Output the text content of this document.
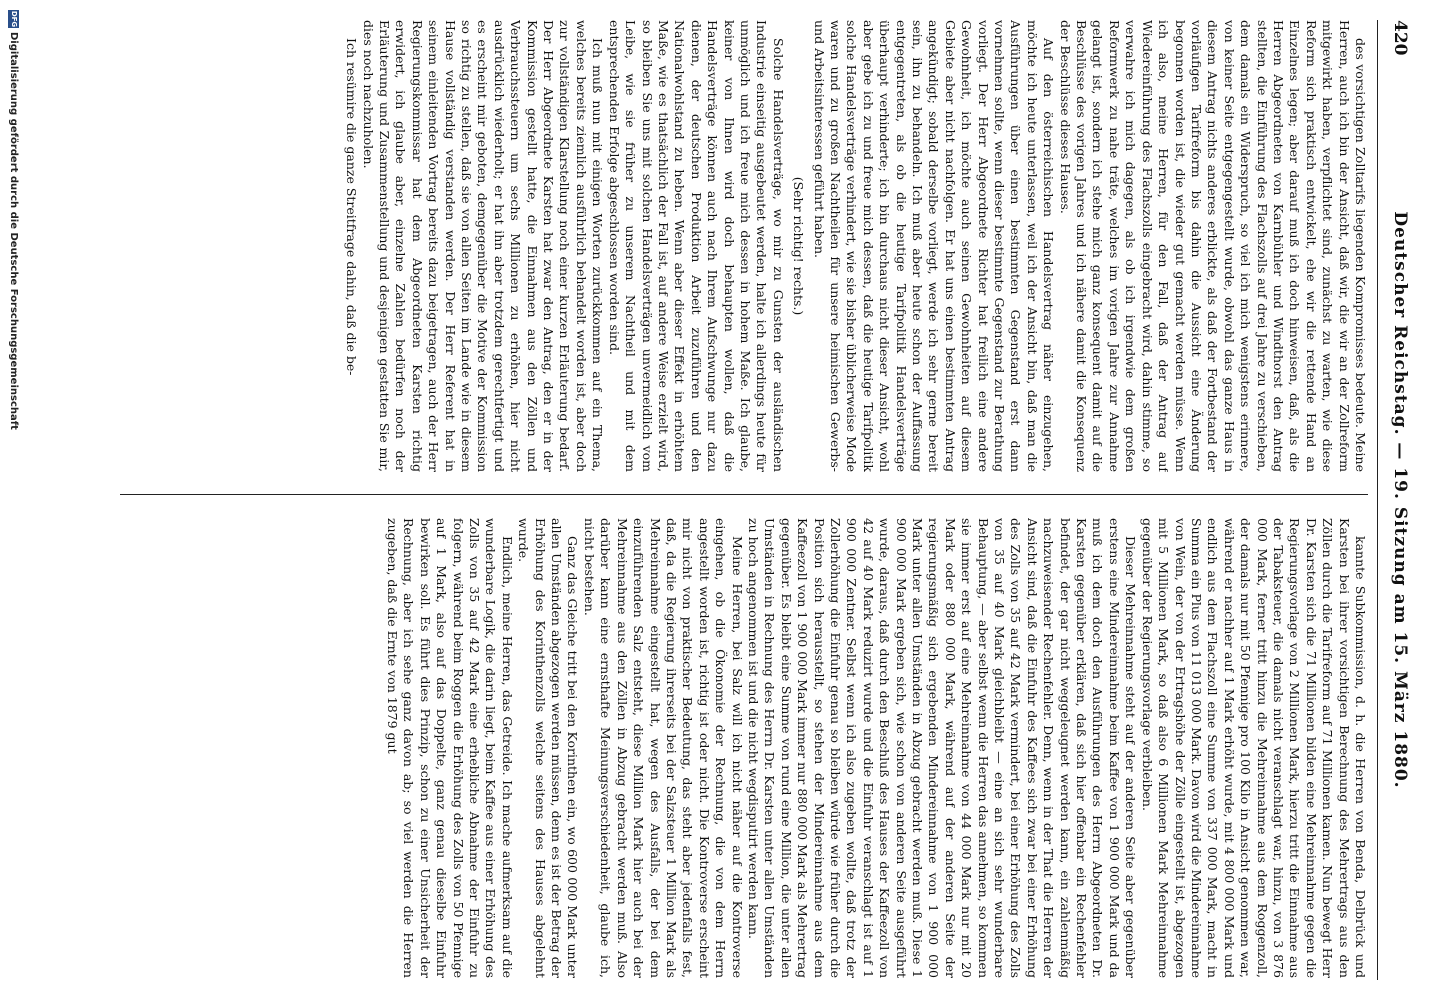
420
Deutscher Reichstag. — 19. Sitzung am 15. März 1880.

des vorsichtigen Zolltarifs liegenden Kompromisses bedeute. Meine Herren, auch ich bin der Ansicht, daß wir, die wir an der Zollreform mitgewirkt haben, verpflichtet sind, zunächst zu warten, wie diese Reform sich praktisch entwickelt, ehe wir die rettende Hand an Einzelnes legen; aber darauf muß ich doch hinweisen, daß, als die Herren Abgeordneten von Karnbühler und Windthorst den Antrag stellten, die Einführung des Flachszolls auf drei Jahre zu verschieben, dem damals ein Widerspruch, so viel ich mich wenigstens erinnere, von keiner Seite entgegengestellt wurde, obwohl das ganze Haus in diesem Antrag nichts anderes erblickte, als daß der Fortbestand der vorläufigen Tarifreform bis dahin die Aussicht eine Änderung begonnen worden ist, die wieder gut gemacht werden müsse. Wenn ich also, meine Herren, für den Fall, daß der Antrag auf Wiedereinführung des Flachszolls eingebracht wird, dahin stimme, so verwahre ich mich dagegen, als ob ich irgendwie dem großen Reformwerk zu nahe träte, welches im vorigen Jahre zur Annahme gelangt ist, sondern ich stehe mich ganz konsequent damit auf die Beschlüsse des vorigen Jahres und ich nähere damit die Konsequenz der Beschlüsse dieses Hauses.

Auf den österreichischen Handelsvertrag näher einzugehen, möchte ich heute unterlassen, weil ich der Ansicht bin, daß man die Ausführungen über einen bestimmten Gegenstand erst dann vornehmen sollte, wenn dieser bestimmte Gegenstand zur Berathung vorliegt. Der Herr Abgeordnete Richter hat freilich eine andere Gewohnheit, ich möchte auch seinen Gewohnheiten auf diesem Gebiete aber nicht nachfolgen. Er hat uns einen bestimmten Antrag angekündigt; sobald derselbe vorliegt, werde ich sehr gerne bereit sein, ihn zu behandeln. Ich muß aber heute schon der Auffassung entgegentreten, als ob die heutige Tarifpolitik Handelsverträge überhaupt verhinderte; ich bin durchaus nicht dieser Ansicht, wohl aber gebe ich zu und freue mich dessen, daß die heutige Tarifpolitik solche Handelsverträge verhindert, wie sie bisher üblicherweise Mode waren und zu großen Nachtheilen für unsere heimischen Gewerbs- und Arbeitsinteressen geführt haben.

(Sehr richtig! rechts.)

Solche Handelsverträge, wo mir zu Gunsten der ausländischen Industrie einseitig ausgebeutet werden, halte ich allerdings heute für unmöglich und ich freue mich dessen in hohem Maße. Ich glaube, keiner von Ihnen wird doch behaupten wollen, daß die Handelsverträge können auch nach Ihrem Aufschwunge nur dazu dienen, der deutschen Produktion Arbeit zuzuführen und den Nationalwohlstand zu heben. Wenn aber dieser Effekt in erhöhtem Maße, wie es thatsächlich der Fall ist, auf andere Weise erzielt wird, so bleiben Sie uns mit solchen Handelsverträgen unvermeidlich vom Leibe, wie sie früher zu unserem Nachtheil und mit dem entsprechenden Erfolge abgeschlossen worden sind.

Ich muß nun mit einigen Worten zurückkommen auf ein Thema, welches bereits ziemlich ausführlich behandelt worden ist, aber doch zur vollständigen Klarstellung noch einer kurzen Erläuterung bedarf. Der Herr Abgeordnete Karsten hat zwar den Antrag, den er in der Kommission gestellt hatte, die Einnahmen aus den Zöllen und Verbrauchssteuern um sechs Millionen zu erhöhen, hier nicht ausdrücklich wiederholt; er hat ihn aber trotzdem gerechtfertigt und es erscheint mir geboten, demgegenüber die Motive der Kommission so richtig zu stellen, daß sie von allen Seiten im Lande wie in diesem Hause vollständig verstanden werden. Der Herr Referent hat in seinem einleitenden Vortrag bereits dazu beigetragen, auch der Herr Regierungskommissar hat dem Abgeordneten Karsten richtig erwidert, ich glaube aber, einzelne Zahlen bedürfen noch der Erläuterung und Zusammenstellung und desjenigen gestatten Sie mir, dies noch nachzuholen.

Ich resümire die ganze Streitfrage dahin, daß die be-

kannte Subkommission, d. h. die Herren von Benda, Delbrück und Karsten bei ihrer vorsichtigen Berechnung des Mehrertrags aus den Zöllen durch die Tarifreform auf 71 Millionen kamen. Nun bewegt Herr Dr. Karsten sich die 71 Millionen bilden eine Mehreinnahme gegen die Regierungsvorlage von 2 Millionen Mark, hierzu tritt die Einnahme aus der Tabaksteuer, die damals nicht veranschlagt war, hinzu, von 3 876 000 Mark, ferner tritt hinzu die Mehreinnahme aus dem Roggenzoll, der damals nur mit 50 Pfennige pro 100 Kilo in Ansicht genommen war, während er nachher auf 1 Mark erhöht wurde, mit 4 800 000 Mark und endlich aus dem Flachszoll eine Summe von 337 000 Mark, macht in Summa ein Plus von 11 013 000 Mark. Davon wird die Mindereinnahme von Wein, der von der Ertragshöhe der Zölle eingestellt ist, abgezogen mit 5 Millionen Mark, so daß also 6 Millionen Mark Mehreinnahme gegenüber der Regierungsvorlage verbleiben.

Dieser Mehreinnahme steht auf der anderen Seite aber gegenüber erstens eine Mindereinnahme beim Kaffee von 1 900 000 Mark und da muß ich dem doch den Ausführungen des Herrn Abgeordneten Dr. Karsten gegenüber erklären, daß sich hier offenbar ein Rechenfehler befindet, der gar nicht weggeleugnet werden kann, ein zahlenmäßig nachzuweisender Rechenfehler. Denn, wenn in der That die Herren der Ansicht sind, daß die Einfuhr des Kaffees sich zwar bei einer Erhöhung des Zolls von 35 auf 42 Mark vermindert, bei einer Erhöhung des Zolls von 35 auf 40 Mark gleichbleibt — eine an sich sehr wunderbare Behauptung, — aber selbst wenn die Herren das annehmen, so kommen sie immer erst auf eine Mehreinnahme von 44 000 Mark nur mit 20 Mark oder 880 000 Mark, während auf der anderen Seite der regierungsmäßig sich ergebenden Mindereinnahme von 1 900 000 Mark unter allen Umständen in Abzug gebracht werden muß. Diese 1 900 000 Mark ergeben sich, wie schon von anderen Seite ausgeführt wurde, daraus, daß durch den Beschluß des Hauses der Kaffeezoll von 42 auf 40 Mark reduzirt wurde und die Einfuhr veranschlagt ist auf 1 900 000 Zentner. Selbst wenn ich also zugeben wollte, daß trotz der Zollerhöhung die Einfuhr genau so bleiben würde wie früher durch die Position sich herausstellt, so stehen der Mindereinnahme aus dem Kaffeezoll von 1 900 000 Mark immer nur 880 000 Mark als Mehrertrag gegenüber. Es bleibt eine Summe von rund eine Million, die unter allen Umständen in Rechnung des Herrn Dr. Karsten unter allen Umständen zu hoch angenommen ist und die nicht wegdisputirt werden kann.

Meine Herren, bei Salz will ich nicht näher auf die Kontroverse eingehen, ob die Ökonomie der Rechnung, die von dem Herrn angestellt worden ist, richtig ist oder nicht. Die Kontroverse erscheint mir nicht von praktischer Bedeutung, das steht aber jedenfalls fest, daß, da die Regierung ihrerseits bei der Salzsteuer 1 Million Mark als Mehreinnahme eingestellt hat, wegen des Ausfalls, der bei dem einzuführenden Salz entsteht, diese Million Mark hier auch bei der Mehreinnahme aus den Zöllen in Abzug gebracht werden muß. Also darüber kann eine ernsthafte Meinungsverschiedenheit, glaube ich, nicht bestehen.

Ganz das Gleiche tritt bei den Korinthen ein, wo 600 000 Mark unter allen Umständen abgezogen werden müssen, denn es ist der Betrag der Erhöhung des Korinthenzolls welche seitens des Hauses abgelehnt wurde.

Endlich, meine Herren, das Getreide. Ich mache aufmerksam auf die wunderbare Logik, die darin liegt, beim Kaffee aus einer Erhöhung des Zolls von 35 auf 42 Mark eine erhebliche Abnahme der Einfuhr zu folgern, während beim Roggen die Erhöhung des Zolls von 50 Pfennige auf 1 Mark, also auf das Doppelte, ganz genau dieselbe Einfuhr bewirken soll. Es führt dies Prinzip, schon zu einer Unsicherheit der Rechnung, aber ich sehe ganz davon ab; so viel werden die Herren zugeben, daß die Ernte von 1879 gut

DFG
Digitalisierung gefördert durch die Deutsche Forschungsgemeinschaft
